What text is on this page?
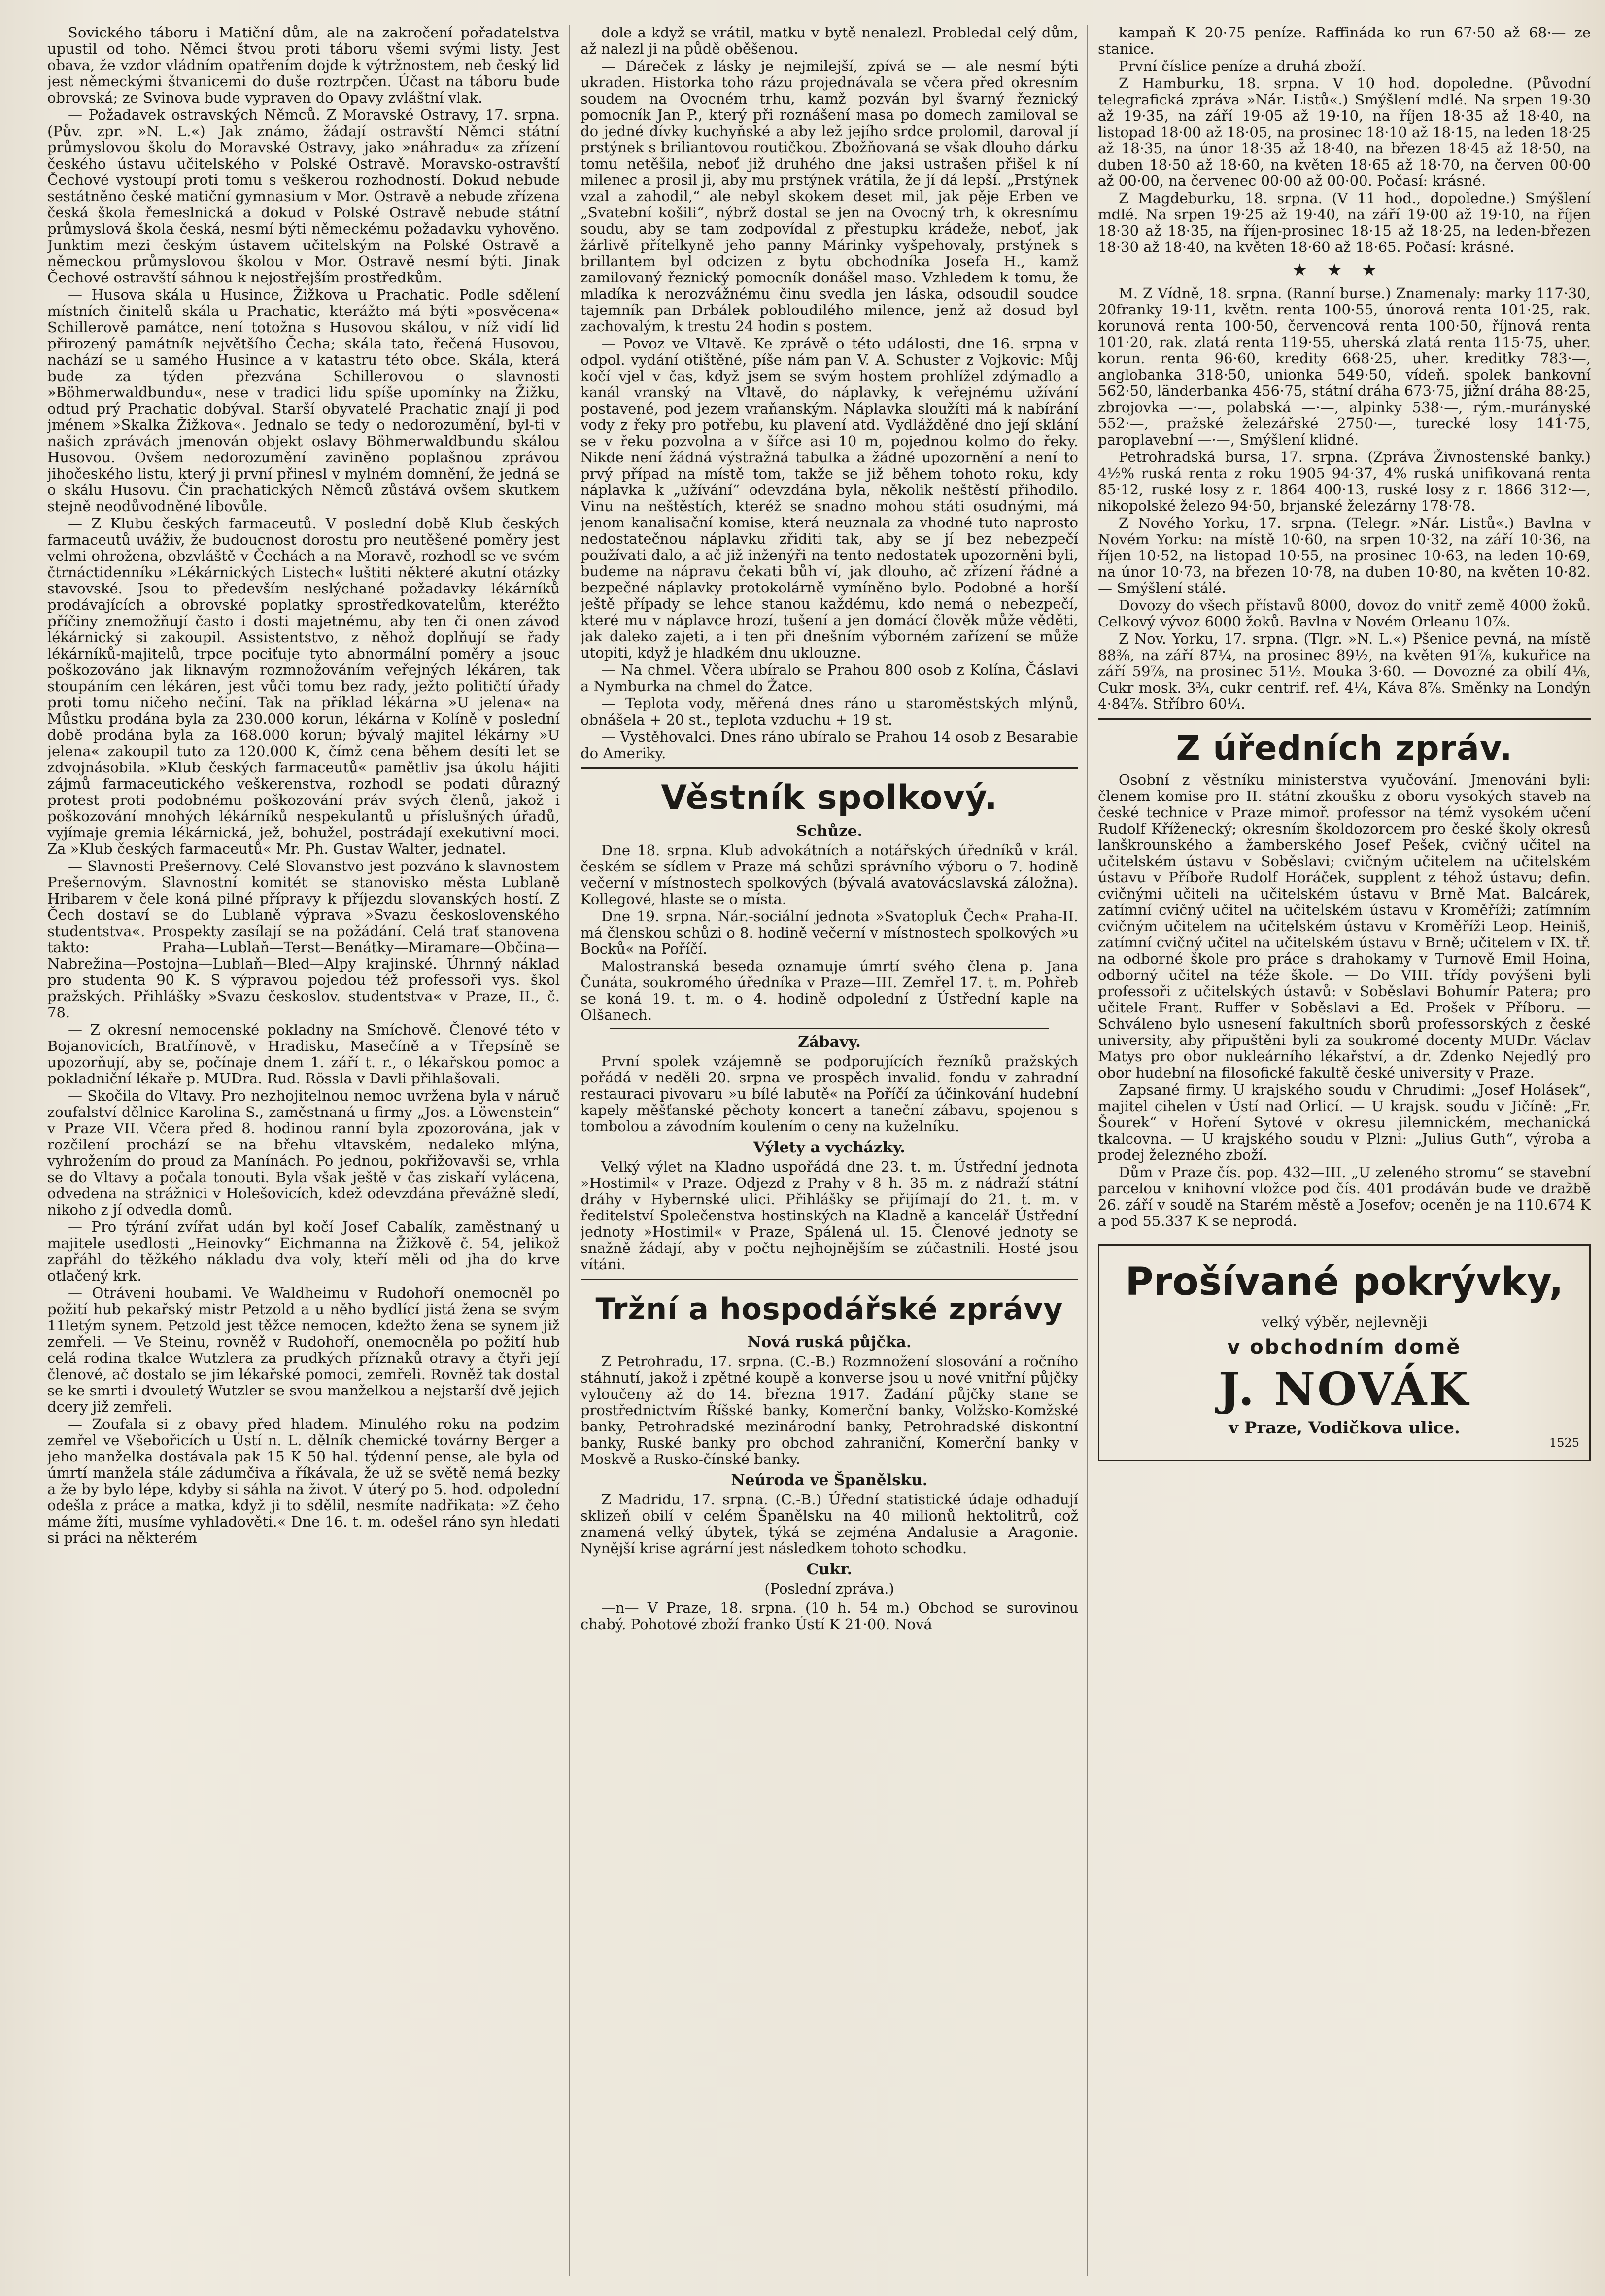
Sovického táboru i Matiční dům, ale na zakročení pořadatelstva upustil od toho. Němci štvou proti táboru všemi svými listy. Jest obava, že vzdor vládním opatřením dojde k výtržnostem, neb český lid jest německými štvanicemi do duše roztrpčen. Účast na táboru bude obrovská; ze Svinova bude vypraven do Opavy zvláštní vlak.

— Požadavek ostravských Němců. Z Moravské Ostravy, 17. srpna. (Pův. zpr. »N. L.«) Jak známo, žádají ostravští Němci státní průmyslovou školu do Moravské Ostravy, jako »náhradu« za zřízení českého ústavu učitelského v Polské Ostravě. Moravsko-ostravští Čechové vystoupí proti tomu s veškerou rozhodností. Dokud nebude sestátněno české matiční gymnasium v Mor. Ostravě a nebude zřízena česká škola řemeslnická a dokud v Polské Ostravě nebude státní průmyslová škola česká, nesmí býti německému požadavku vyhověno. Junktim mezi českým ústavem učitelským na Polské Ostravě a německou průmyslovou školou v Mor. Ostravě nesmí býti. Jinak Čechové ostravští sáhnou k nejostřejším prostředkům.

— Husova skála u Husince, Žižkova u Prachatic. Podle sdělení místních činitelů skála u Prachatic, kterážto má býti »posvěcena« Schillerově památce, není totožna s Husovou skálou, v níž vidí lid přirozený památník největšího Čecha; skála tato, řečená Husovou, nachází se u samého Husince a v katastru této obce. Skála, která bude za týden přezvána Schillerovou o slavnosti »Böhmerwaldbundu«, nese v tradici lidu spíše upomínky na Žižku, odtud prý Prachatic dobýval. Starší obyvatelé Prachatic znají ji pod jménem »Skalka Žižkova«. Jednalo se tedy o nedorozumění, byl-ti v našich zprávách jmenován objekt oslavy Böhmerwaldbundu skálou Husovou. Ovšem nedorozumění zaviněno poplašnou zprávou jihočeského listu, který ji první přinesl v mylném domnění, že jedná se o skálu Husovu. Čin prachatických Němců zůstává ovšem skutkem stejně neodůvodněné libovůle.

— Z Klubu českých farmaceutů. V poslední době Klub českých farmaceutů uváživ, že budoucnost dorostu pro neutěšené poměry jest velmi ohrožena, obzvláště v Čechách a na Moravě, rozhodl se ve svém čtrnáctidenníku »Lékárnických Listech« luštiti některé akutní otázky stavovské. Jsou to především neslýchané požadavky lékárníků prodávajících a obrovské poplatky sprostředkovatelům, kteréžto příčiny znemožňují často i dosti majetnému, aby ten či onen závod lékárnický si zakoupil. Assistentstvo, z něhož doplňují se řady lékárníků-majitelů, trpce pociťuje tyto abnormální poměry a jsouc poškozováno jak liknavým rozmnožováním veřejných lékáren, tak stoupáním cen lékáren, jest vůči tomu bez rady, ježto političtí úřady proti tomu ničeho nečiní. Tak na příklad lékárna »U jelena« na Můstku prodána byla za 230.000 korun, lékárna v Kolíně v poslední době prodána byla za 168.000 korun; bývalý majitel lékárny »U jelena« zakoupil tuto za 120.000 K, čímž cena během desíti let se zdvojnásobila. »Klub českých farmaceutů« pamětliv jsa úkolu hájiti zájmů farmaceutického veškerenstva, rozhodl se podati důrazný protest proti podobnému poškozování práv svých členů, jakož i poškozování mnohých lékárníků nespekulantů u příslušných úřadů, vyjímaje gremia lékárnická, jež, bohužel, postrádají exekutivní moci. Za »Klub českých farmaceutů« Mr. Ph. Gustav Walter, jednatel.

— Slavnosti Prešernovy. Celé Slovanstvo jest pozváno k slavnostem Prešernovým. Slavnostní komitét se stanovisko města Lublaně Hribarem v čele koná pilné přípravy k příjezdu slovanských hostí. Z Čech dostaví se do Lublaně výprava »Svazu československého studentstva«. Prospekty zasílají se na požádání. Celá trať stanovena takto: Praha—Lublaň—Terst—Benátky—Miramare—Občina—Nabrežina—Postojna—Lublaň—Bled—Alpy krajinské. Úhrnný náklad pro studenta 90 K. S výpravou pojedou též professoři vys. škol pražských. Přihlášky »Svazu českoslov. studentstva« v Praze, II., č. 78.

— Z okresní nemocenské pokladny na Smíchově. Členové této v Bojanovicích, Bratřínově, v Hradisku, Masečíně a v Třepsíně se upozorňují, aby se, počínaje dnem 1. září t. r., o lékařskou pomoc a pokladniční lékaře p. MUDra. Rud. Rössla v Davli přihlašovali.

— Skočila do Vltavy. Pro nezhojitelnou nemoc uvržena byla v náruč zoufalství dělnice Karolina S., zaměstnaná u firmy „Jos. a Löwenstein“ v Praze VII. Včera před 8. hodinou ranní byla zpozorována, jak v rozčilení prochází se na břehu vltavském, nedaleko mlýna, vyhrožením do proud za Manínách. Po jednou, pokřižovavši se, vrhla se do Vltavy a počala tonouti. Byla však ještě v čas ziskaří vylácena, odvedena na strážnici v Holešovicích, kdež odevzdána převážně sledí, nikoho z jí odvedla domů.

— Pro týrání zvířat udán byl kočí Josef Cabalík, zaměstnaný u majitele usedlosti „Heinovky“ Eichmanna na Žižkově č. 54, jelikož zapřáhl do těžkého nákladu dva voly, kteří měli od jha do krve otlačený krk.

— Otráveni houbami. Ve Waldheimu v Rudohoří onemocněl po požití hub pekařský mistr Petzold a u něho bydlící jistá žena se svým 11letým synem. Petzold jest těžce nemocen, kdežto žena se synem již zemřeli. — Ve Steinu, rovněž v Rudohoří, onemocněla po požití hub celá rodina tkalce Wutzlera za prudkých příznaků otravy a čtyři její členové, ač dostalo se jim lékařské pomoci, zemřeli. Rovněž tak dostal se ke smrti i dvouletý Wutzler se svou manželkou a nejstarší dvě jejich dcery již zemřeli.

— Zoufala si z obavy před hladem. Minulého roku na podzim zemřel ve Všebořicích u Ústí n. L. dělník chemické továrny Berger a jeho manželka dostávala pak 15 K 50 hal. týdenní pense, ale byla od úmrtí manžela stále zádumčiva a říkávala, že už se světě nemá bezky a že by bylo lépe, kdyby si sáhla na život. V úterý po 5. hod. odpolední odešla z práce a matka, když ji to sdělil, nesmíte nadřikata: »Z čeho máme žíti, musíme vyhladověti.« Dne 16. t. m. odešel ráno syn hledati si práci na některém

dole a když se vrátil, matku v bytě nenalezl. Probledal celý dům, až nalezl ji na půdě oběšenou.

— Dáreček z lásky je nejmilejší, zpívá se — ale nesmí býti ukraden. Historka toho rázu projednávala se včera před okresním soudem na Ovocném trhu, kamž pozván byl švarný řeznický pomocník Jan P., který při roznášení masa po domech zamiloval se do jedné dívky kuchyňské a aby lež jejího srdce prolomil, daroval jí prstýnek s briliantovou routičkou. Zbožňovaná se však dlouho dárku tomu netěšila, neboť již druhého dne jaksi ustrašen přišel k ní milenec a prosil ji, aby mu prstýnek vrátila, že jí dá lepší. „Prstýnek vzal a zahodil,“ ale nebyl skokem deset mil, jak pěje Erben ve „Svatební košili“, nýbrž dostal se jen na Ovocný trh, k okresnímu soudu, aby se tam zodpovídal z přestupku krádeže, neboť, jak žárlivě přítelkyně jeho panny Márinky vyšpehovaly, prstýnek s brillantem byl odcizen z bytu obchodníka Josefa H., kamž zamilovaný řeznický pomocník donášel maso. Vzhledem k tomu, že mladíka k nerozvážnému činu svedla jen láska, odsoudil soudce tajemník pan Drbálek pobloudilého milence, jenž až dosud byl zachovalým, k trestu 24 hodin s postem.

— Povoz ve Vltavě. Ke zprávě o této události, dne 16. srpna v odpol. vydání otištěné, píše nám pan V. A. Schuster z Vojkovic: Můj kočí vjel v čas, když jsem se svým hostem prohlížel zdýmadlo a kanál vranský na Vltavě, do náplavky, k veřejnému užívání postavené, pod jezem vraňanským. Náplavka sloužíti má k nabírání vody z řeky pro potřebu, ku plavení atd. Vydlážděné dno její sklání se v řeku pozvolna a v šířce asi 10 m, pojednou kolmo do řeky. Nikde není žádná výstražná tabulka a žádné upozornění a není to prvý případ na místě tom, takže se již během tohoto roku, kdy náplavka k „užívání“ odevzdána byla, několik neštěstí přihodilo. Vinu na neštěstích, kteréž se snadno mohou státi osudnými, má jenom kanalisační komise, která neuznala za vhodné tuto naprosto nedostatečnou náplavku zřiditi tak, aby se jí bez nebezpečí používati dalo, a ač již inženýři na tento nedostatek upozorněni byli, budeme na nápravu čekati bůh ví, jak dlouho, ač zřízení řádné a bezpečné náplavky protokolárně vymíněno bylo. Podobné a horší ještě případy se lehce stanou každému, kdo nemá o nebezpečí, které mu v náplavce hrozí, tušení a jen domácí člověk může věděti, jak daleko zajeti, a i ten při dnešním výborném zařízení se může utopiti, když je hladkém dnu uklouzne.

— Na chmel. Včera ubíralo se Prahou 800 osob z Kolína, Čáslavi a Nymburka na chmel do Žatce.

— Teplota vody, měřená dnes ráno u staroměstských mlýnů, obnášela + 20 st., teplota vzduchu + 19 st.

— Vystěhovalci. Dnes ráno ubíralo se Prahou 14 osob z Besarabie do Ameriky.

Věstník spolkový.
Schůze.

Dne 18. srpna. Klub advokátních a notářských úředníků v král. českém se sídlem v Praze má schůzi správního výboru o 7. hodině večerní v místnostech spolkových (bývalá avatovácslavská záložna). Kollegové, hlaste se o místa.

Dne 19. srpna. Nár.-sociální jednota »Svatopluk Čech« Praha-II. má členskou schůzi o 8. hodině večerní v místnostech spolkových »u Bocků« na Poříčí.

Malostranská beseda oznamuje úmrtí svého člena p. Jana Čunáta, soukromého úředníka v Praze—III. Zemřel 17. t. m. Pohřeb se koná 19. t. m. o 4. hodině odpolední z Ústřední kaple na Olšanech.

Zábavy.

První spolek vzájemně se podporujících řezníků pražských pořádá v neděli 20. srpna ve prospěch invalid. fondu v zahradní restauraci pivovaru »u bílé labutě« na Poříčí za účinkování hudební kapely měšťanské pěchoty koncert a taneční zábavu, spojenou s tombolou a závodním koulením o ceny na kuželníku.

Výlety a vycházky.

Velký výlet na Kladno uspořádá dne 23. t. m. Ústřední jednota »Hostimil« v Praze. Odjezd z Prahy v 8 h. 35 m. z nádraží státní dráhy v Hybernské ulici. Přihlášky se přijímají do 21. t. m. v ředitelství Společenstva hostinských na Kladně a kancelář Ústřední jednoty »Hostimil« v Praze, Spálená ul. 15. Členové jednoty se snažně žádají, aby v počtu nejhojnějším se zúčastnili. Hosté jsou vítáni.

Tržní a hospodářské zprávy
Nová ruská půjčka.

Z Petrohradu, 17. srpna. (C.-B.) Rozmnožení slosování a ročního stáhnutí, jakož i zpětné koupě a konverse jsou u nové vnitřní půjčky vyloučeny až do 14. března 1917. Zadání půjčky stane se prostřednictvím Říšské banky, Komerční banky, Volžsko-Komžské banky, Petrohradské mezinárodní banky, Petrohradské diskontní banky, Ruské banky pro obchod zahraniční, Komerční banky v Moskvě a Rusko-čínské banky.

Neúroda ve Španělsku.

Z Madridu, 17. srpna. (C.-B.) Úřední statistické údaje odhadují sklizeň obilí v celém Španělsku na 40 milionů hektolitrů, což znamená velký úbytek, týká se zejména Andalusie a Aragonie. Nynější krise agrární jest následkem tohoto schodku.

Cukr.
(Poslední zpráva.)

—n— V Praze, 18. srpna. (10 h. 54 m.) Obchod se surovinou chabý. Pohotové zboží franko Ústí K 21·00. Nová

kampaň K 20·75 peníze. Raffináda ko run 67·50 až 68·— ze stanice.

První číslice peníze a druhá zboží.

Z Hamburku, 18. srpna. V 10 hod. dopoledne. (Původní telegrafická zpráva »Nár. Listů«.) Smýšlení mdlé. Na srpen 19·30 až 19·35, na září 19·05 až 19·10, na říjen 18·35 až 18·40, na listopad 18·00 až 18·05, na prosinec 18·10 až 18·15, na leden 18·25 až 18·35, na únor 18·35 až 18·40, na březen 18·45 až 18·50, na duben 18·50 až 18·60, na květen 18·65 až 18·70, na červen 00·00 až 00·00, na červenec 00·00 až 00·00. Počasí: krásné.

Z Magdeburku, 18. srpna. (V 11 hod., dopoledne.) Smýšlení mdlé. Na srpen 19·25 až 19·40, na září 19·00 až 19·10, na říjen 18·30 až 18·35, na říjen-prosinec 18·15 až 18·25, na leden-březen 18·30 až 18·40, na květen 18·60 až 18·65. Počasí: krásné.

★★★

M. Z Vídně, 18. srpna. (Ranní burse.) Znamenaly: marky 117·30, 20franky 19·11, květn. renta 100·55, únorová renta 101·25, rak. korunová renta 100·50, červencová renta 100·50, říjnová renta 101·20, rak. zlatá renta 119·55, uherská zlatá renta 115·75, uher. korun. renta 96·60, kredity 668·25, uher. kreditky 783·—, anglobanka 318·50, unionka 549·50, vídeň. spolek bankovní 562·50, länderbanka 456·75, státní dráha 673·75, jižní dráha 88·25, zbrojovka —·—, polabská —·—, alpinky 538·—, rým.-murányské 552·—, pražské železářské 2750·—, turecké losy 141·75, paroplavební —·—, Smýšlení klidné.

Petrohradská bursa, 17. srpna. (Zpráva Živnostenské banky.) 4½% ruská renta z roku 1905 94·37, 4% ruská unifikovaná renta 85·12, ruské losy z r. 1864 400·13, ruské losy z r. 1866 312·—, nikopolské železo 94·50, brjanské železárny 178·78.

Z Nového Yorku, 17. srpna. (Telegr. »Nár. Listů«.) Bavlna v Novém Yorku: na místě 10·60, na srpen 10·32, na září 10·36, na říjen 10·52, na listopad 10·55, na prosinec 10·63, na leden 10·69, na únor 10·73, na březen 10·78, na duben 10·80, na květen 10·82. — Smýšlení stálé.

Dovozy do všech přístavů 8000, dovoz do vnitř země 4000 žoků. Celkový vývoz 6000 žoků. Bavlna v Novém Orleanu 10⅞.

Z Nov. Yorku, 17. srpna. (Tlgr. »N. L.«) Pšenice pevná, na místě 88⅜, na září 87¼, na prosinec 89½, na květen 91⅞, kukuřice na září 59⅞, na prosinec 51½. Mouka 3·60. — Dovozné za obilí 4⅛, Cukr mosk. 3¾, cukr centrif. ref. 4¼, Káva 8⅞. Směnky na Londýn 4·84⅞. Stříbro 60¼.

Z úředních zpráv.

Osobní z věstníku ministerstva vyučování. Jmenováni byli: členem komise pro II. státní zkoušku z oboru vysokých staveb na české technice v Praze mimoř. professor na témž vysokém učení Rudolf Kříženecký; okresním školdozorcem pro české školy okresů lanškrounského a žamberského Josef Pešek, cvičný učitel na učitelském ústavu v Soběslavi; cvičným učitelem na učitelském ústavu v Příboře Rudolf Horáček, supplent z téhož ústavu; defin. cvičnými učiteli na učitelském ústavu v Brně Mat. Balcárek, zatímní cvičný učitel na učitelském ústavu v Kroměříži; zatímním cvičným učitelem na učitelském ústavu v Kroměříži Leop. Heiniš, zatímní cvičný učitel na učitelském ústavu v Brně; učitelem v IX. tř. na odborné škole pro práce s drahokamy v Turnově Emil Hoina, odborný učitel na téže škole. — Do VIII. třídy povýšeni byli professoři z učitelských ústavů: v Soběslavi Bohumír Patera; pro učitele Frant. Ruffer v Soběslavi a Ed. Prošek v Příboru. — Schváleno bylo usnesení fakultních sborů professorských z české university, aby připuštěni byli za soukromé docenty MUDr. Václav Matys pro obor nukleárního lékařství, a dr. Zdenko Nejedlý pro obor hudební na filosofické fakultě české university v Praze.

Zapsané firmy. U krajského soudu v Chrudimi: „Josef Holásek“, majitel cihelen v Ústí nad Orlicí. — U krajsk. soudu v Jičíně: „Fr. Šourek“ v Hoření Sytové v okresu jilemnickém, mechanická tkalcovna. — U krajského soudu v Plzni: „Julius Guth“, výroba a prodej železného zboží.

Dům v Praze čís. pop. 432—III. „U zeleného stromu“ se stavební parcelou v knihovní vložce pod čís. 401 prodáván bude ve dražbě 26. září v soudě na Starém městě a Josefov; oceněn je na 110.674 K a pod 55.337 K se neprodá.

Prošívané pokrývky,
velký výběr, nejlevněji
v obchodním domě
J. NOVÁK
v Praze, Vodičkova ulice.
1525
